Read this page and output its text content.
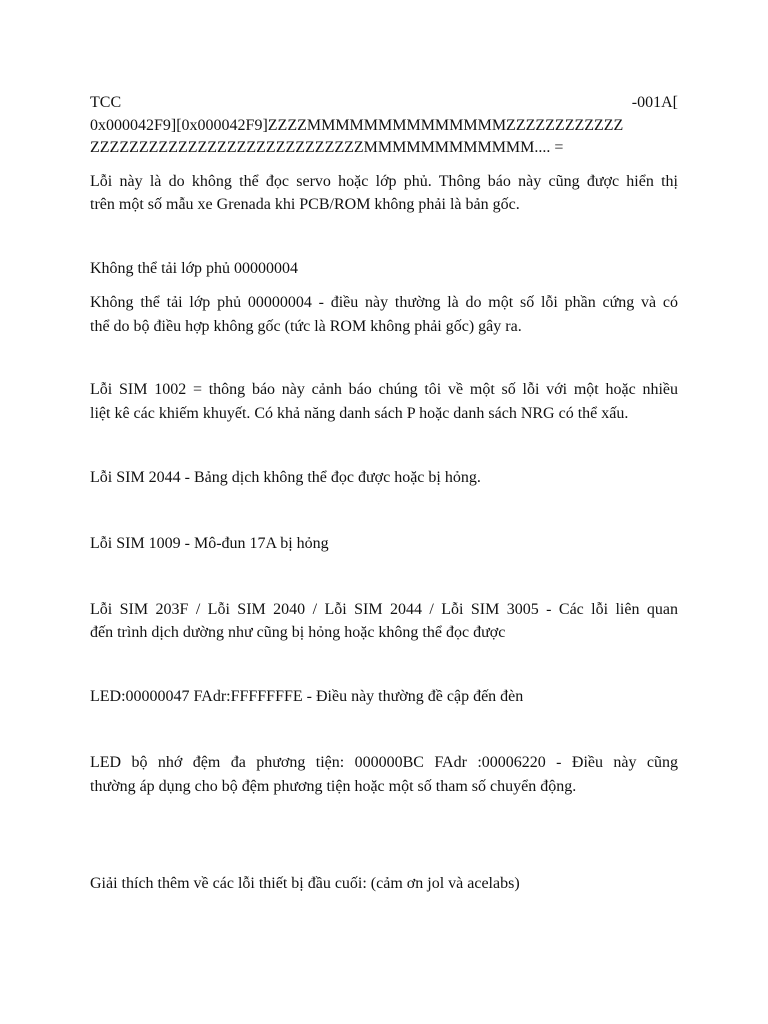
TCC	-001A[
0x000042F9][0x000042F9]ZZZZMMMMMMMMMMMMMMZZZZZZZZZZZZ
ZZZZZZZZZZZZZZZZZZZZZZZZZZZZMMMMMMMMMMMM.... =
Lỗi này là do không thể đọc servo hoặc lớp phủ. Thông báo này cũng được hiển thị
trên một số mẫu xe Grenada khi PCB/ROM không phải là bản gốc.
Không thể tải lớp phủ 00000004
Không thể tải lớp phủ 00000004 - điều này thường là do một số lỗi phần cứng và có
thể do bộ điều hợp không gốc (tức là ROM không phải gốc) gây ra.
Lỗi SIM 1002 = thông báo này cảnh báo chúng tôi về một số lỗi với một hoặc nhiều
liệt kê các khiếm khuyết. Có khả năng danh sách P hoặc danh sách NRG có thể xấu.
Lỗi SIM 2044 - Bảng dịch không thể đọc được hoặc bị hỏng.
Lỗi SIM 1009 - Mô-đun 17A bị hỏng
Lỗi SIM 203F / Lỗi SIM 2040 / Lỗi SIM 2044 / Lỗi SIM 3005 - Các lỗi liên quan
đến trình dịch dường như cũng bị hỏng hoặc không thể đọc được
LED:00000047 FAdr:FFFFFFFE - Điều này thường đề cập đến đèn
LED bộ nhớ đệm đa phương tiện: 000000BC FAdr :00006220 - Điều này cũng
thường áp dụng cho bộ đệm phương tiện hoặc một số tham số chuyển động.
Giải thích thêm về các lỗi thiết bị đầu cuối: (cảm ơn jol và acelabs)
